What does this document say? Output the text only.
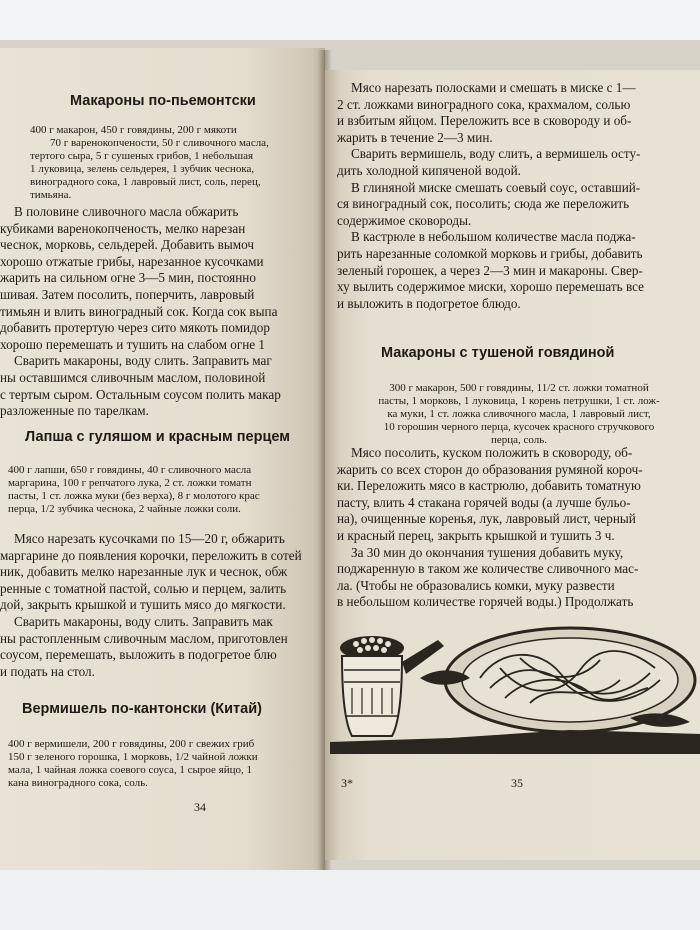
Макароны по-пьемонтски
400 г макарон, 450 г говядины, 200 г мякоти
70 г варенокопчености, 50 г сливочного масла,
тертого сыра, 5 г сушеных грибов, 1 небольшая
1 луковица, зелень сельдерея, 1 зубчик чеснока,
виноградного сока, 1 лавровый лист, соль, перец,
тимьяна.
В половине сливочного масла обжарить
кубиками варенокопченость, мелко нарезан
чеснок, морковь, сельдерей. Добавить вымоч
хорошо отжатые грибы, нарезанное кусочками
жарить на сильном огне 3—5 мин, постоянно
шивая. Затем посолить, поперчить, лавровый
тимьян и влить виноградный сок. Когда сок выпа
добавить протертую через сито мякоть помидор
хорошо перемешать и тушить на слабом огне 1
Сварить макароны, воду слить. Заправить маг
ны оставшимся сливочным маслом, половиной
с тертым сыром. Остальным соусом полить макар
разложенные по тарелкам.
Лапша с гуляшом и красным перцем
400 г лапши, 650 г говядины, 40 г сливочного масла
маргарина, 100 г репчатого лука, 2 ст. ложки томатн
пасты, 1 ст. ложка муки (без верха), 8 г молотого крас
перца, 1/2 зубчика чеснока, 2 чайные ложки соли.
Мясо нарезать кусочками по 15—20 г, обжарить
маргарине до появления корочки, переложить в сотей
ник, добавить мелко нарезанные лук и чеснок, обж
ренные с томатной пастой, солью и перцем, залить
дой, закрыть крышкой и тушить мясо до мягкости.
Сварить макароны, воду слить. Заправить мак
ны растопленным сливочным маслом, приготовлен
соусом, перемешать, выложить в подогретое блю
и подать на стол.
Вермишель по-кантонски (Китай)
400 г вермишели, 200 г говядины, 200 г свежих гриб
150 г зеленого горошка, 1 морковь, 1/2 чайной ложки
мала, 1 чайная ложка соевого соуса, 1 сырое яйцо, 1
кана виноградного сока, соль.
34
Мясо нарезать полосками и смешать в миске с 1—
2 ст. ложками виноградного сока, крахмалом, солью
и взбитым яйцом. Переложить все в сковороду и об-
жарить в течение 2—3 мин.
Сварить вермишель, воду слить, а вермишель осту-
дить холодной кипяченой водой.
В глиняной миске смешать соевый соус, оставший-
ся виноградный сок, посолить; сюда же переложить
содержимое сковороды.
В кастрюле в небольшом количестве масла поджа-
рить нарезанные соломкой морковь и грибы, добавить
зеленый горошек, а через 2—3 мин и макароны. Свер-
ху вылить содержимое миски, хорошо перемешать все
и выложить в подогретое блюдо.
Макароны с тушеной говядиной
300 г макарон, 500 г говядины, 11/2 ст. ложки томатной
пасты, 1 морковь, 1 луковица, 1 корень петрушки, 1 ст. лож-
ка муки, 1 ст. ложка сливочного масла, 1 лавровый лист,
10 горошин черного перца, кусочек красного стручкового
перца, соль.
Мясо посолить, куском положить в сковороду, об-
жарить со всех сторон до образования румяной короч-
ки. Переложить мясо в кастрюлю, добавить томатную
пасту, влить 4 стакана горячей воды (а лучше бульо-
на), очищенные коренья, лук, лавровый лист, черный
и красный перец, закрыть крышкой и тушить 3 ч.
За 30 мин до окончания тушения добавить муку,
поджаренную в таком же количестве сливочного мас-
ла. (Чтобы не образовались комки, муку развести
в небольшом количестве горячей воды.) Продолжать
3*	35
